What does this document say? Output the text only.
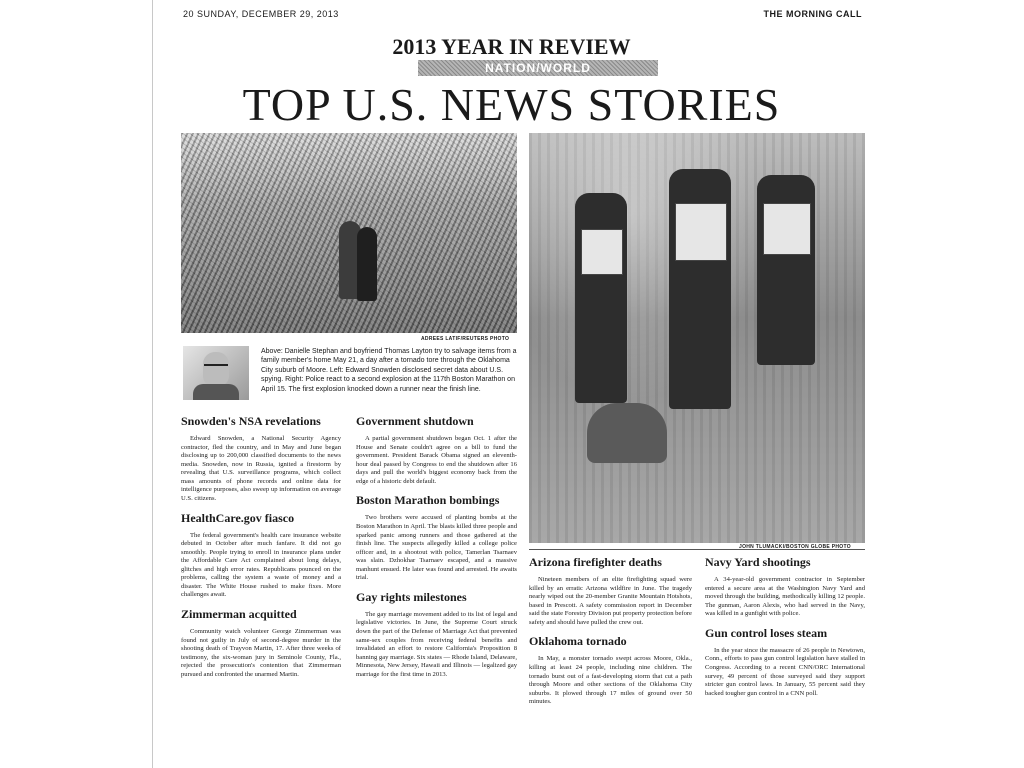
20 SUNDAY, DECEMBER 29, 2013	THE MORNING CALL
2013 YEAR IN REVIEW
NATION/WORLD
TOP U.S. NEWS STORIES
ADREES LATIF/REUTERS PHOTO
Above: Danielle Stephan and boyfriend Thomas Layton try to salvage items from a family member's home May 21, a day after a tornado tore through the Oklahoma City suburb of Moore. Left: Edward Snowden disclosed secret data about U.S. spying. Right: Police react to a second explosion at the 117th Boston Marathon on April 15. The first explosion knocked down a runner near the finish line.
JOHN TLUMACKI/BOSTON GLOBE PHOTO
Snowden's NSA revelations

Edward Snowden, a National Security Agency contractor, fled the country, and in May and June began disclosing up to 200,000 classified documents to the news media. Snowden, now in Russia, ignited a firestorm by revealing that U.S. surveillance programs, which collect mass amounts of phone records and online data for intelligence purposes, also sweep up information on average U.S. citizens.

HealthCare.gov fiasco

The federal government's health care insurance website debuted in October after much fanfare. It did not go smoothly. People trying to enroll in insurance plans under the Affordable Care Act complained about long delays, glitches and high error rates. Republicans pounced on the problems, calling the system a waste of money and a disaster. The White House rushed to make fixes. More challenges await.

Zimmerman acquitted

Community watch volunteer George Zimmerman was found not guilty in July of second-degree murder in the shooting death of Trayvon Martin, 17. After three weeks of testimony, the six-woman jury in Seminole County, Fla., rejected the prosecution's contention that Zimmerman pursued and confronted the unarmed Martin.

Government shutdown

A partial government shutdown began Oct. 1 after the House and Senate couldn't agree on a bill to fund the government. President Barack Obama signed an eleventh-hour deal passed by Congress to end the shutdown after 16 days and pull the world's biggest economy back from the edge of a historic debt default.

Boston Marathon bombings

Two brothers were accused of planting bombs at the Boston Marathon in April. The blasts killed three people and sparked panic among runners and those gathered at the finish line. The suspects allegedly killed a college police officer and, in a shootout with police, Tamerlan Tsarnaev was slain. Dzhokhar Tsarnaev escaped, and a massive manhunt ensued. He later was found and arrested. He awaits trial.

Gay rights milestones

The gay marriage movement added to its list of legal and legislative victories. In June, the Supreme Court struck down the part of the Defense of Marriage Act that prevented same-sex couples from receiving federal benefits and invalidated an effort to restore California's Proposition 8 banning gay marriage. Six states — Rhode Island, Delaware, Minnesota, New Jersey, Hawaii and Illinois — legalized gay marriage for the first time in 2013.

Arizona firefighter deaths

Nineteen members of an elite firefighting squad were killed by an erratic Arizona wildfire in June. The tragedy nearly wiped out the 20-member Granite Mountain Hotshots, based in Prescott. A safety commission report in December said the state Forestry Division put property protection before safety and should have pulled the crew out.

Oklahoma tornado

In May, a monster tornado swept across Moore, Okla., killing at least 24 people, including nine children. The tornado burst out of a fast-developing storm that cut a path through Moore and other sections of the Oklahoma City suburbs. It plowed through 17 miles of ground over 50 minutes.

Navy Yard shootings

A 34-year-old government contractor in September entered a secure area at the Washington Navy Yard and moved through the building, methodically killing 12 people. The gunman, Aaron Alexis, who had served in the Navy, was killed in a gunfight with police.

Gun control loses steam

In the year since the massacre of 26 people in Newtown, Conn., efforts to pass gun control legislation have stalled in Congress. According to a recent CNN/ORC International survey, 49 percent of those surveyed said they support stricter gun control laws. In January, 55 percent said they backed tougher gun control in a CNN poll.
